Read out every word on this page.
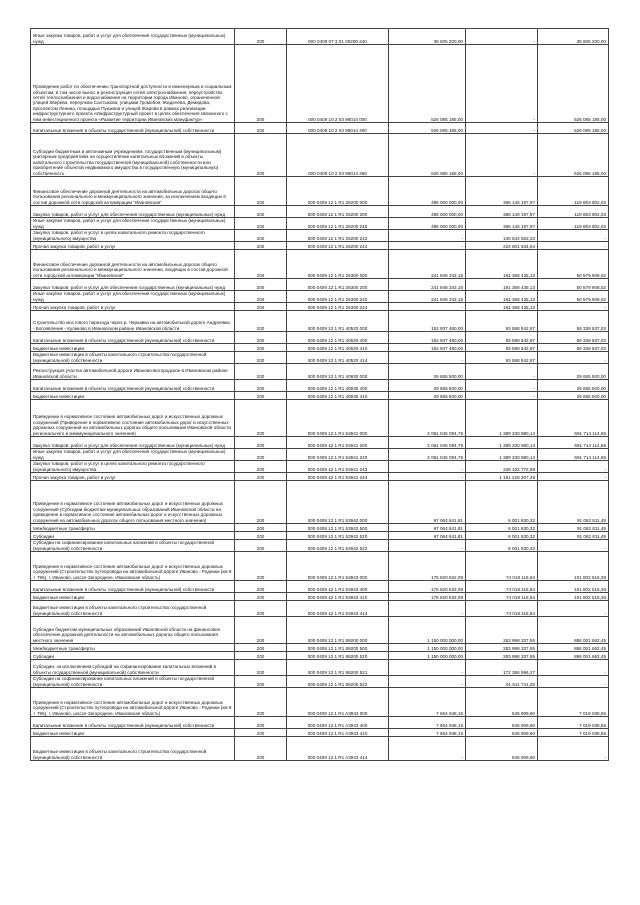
Иные закупки товаров, работ и услуг для обеспечения государственных (муниципальных) нужд	200	000 0409 07 3 01 00200 240	35 605 200,00	-	35 605 200,00
Проведение работ по обеспечению транспортной доступности и инженерным и социальным объектам, в том числе вынос и реконструкция сетей электроснабжения, переустройство сетей теплоснабжения и водоснабжения на территории города Иваново, ограниченной улицей Зверева, переулком Салтыкова, улицами Громобоя, Жиделева, Демидова, проспектом Ленина, площадью Пушкина и улицей Жарова в рамках реализации инфраструктурного проекта «Инфраструктурный проект в целях обеспечения связанного с ним инвестиционного проекта «Развитие территории Ивановских мануфактур»	200	000 0409 10 2 03 98014 000	526 085 185,00	-	526 085 185,00
Капитальные вложения в объекты государственной (муниципальной) собственности	200	000 0409 10 2 03 98014 400	526 085 185,00	-	526 085 185,00
Субсидии бюджетным и автономным учреждениям, государственным (муниципальным) унитарным предприятиям на осуществление капитальных вложений в объекты капитального строительства государственной (муниципальной) собственности или приобретение объектов недвижимого имущества в государственную (муниципальную) собственность	200	000 0409 10 2 03 98014 460	526 085 185,00	-	526 085 185,00
Финансовое обеспечение дорожной деятельности на автомобильных дорогах общего пользования регионального и межмуниципального значения, за исключением входящих в состав дорожной сети городской агломерации "Ивановская"	200	000 0409 12 1 R1 26200 000	485 000 000,00	365 146 197,97	119 853 802,03
Закупка товаров, работ и услуг для обеспечения государственных (муниципальных) нужд	200	000 0409 12 1 R1 26200 200	485 000 000,00	365 146 197,97	119 853 802,03
Иные закупки товаров, работ и услуг для обеспечения государственных (муниципальных) нужд	200	000 0409 12 1 R1 26200 240	485 000 000,00	365 146 197,97	119 853 802,03
Закупка товаров, работ и услуг в целях капитального ремонта государственного (муниципального) имущества	200	000 0409 12 1 R1 26200 243	-	140 544 563,33	-
Прочая закупка товаров, работ и услуг	200	000 0409 12 1 R1 26200 244	-	224 601 634,64	-
Финансовое обеспечение дорожной деятельности на автомобильных дорогах общего пользования регионального и межмуниципального значения, входящих в состав дорожной сети городской агломерации "Ивановская"	200	000 0409 12 1 R1 26300 000	241 948 343,15	191 368 435,13	50 579 908,02
Закупка товаров, работ и услуг для обеспечения государственных (муниципальных) нужд	200	000 0409 12 1 R1 26300 200	241 948 343,15	191 368 435,13	50 579 908,02
Иные закупки товаров, работ и услуг для обеспечения государственных (муниципальных) нужд	200	000 0409 12 1 R1 26300 240	241 948 343,15	191 368 435,13	50 579 908,02
Прочая закупка товаров, работ и услуг	200	000 0409 12 1 R1 26300 244	-	191 368 435,13	-
Строительство мостового перехода через р. Черкавка на автомобильной дороге Андреевка - Богоявление - Куликово в Ивановском районе Ивановской области	200	000 0409 12 1 R1 40520 000	152 937 480,00	93 598 942,97	59 338 537,03
Капитальные вложения в объекты государственной (муниципальной) собственности	200	000 0409 12 1 R1 40520 400	152 937 480,00	93 598 942,97	59 338 537,03
Бюджетные инвестиции	200	000 0409 12 1 R1 40520 410	152 937 480,00	93 598 942,97	59 338 537,03
Бюджетные инвестиции в объекты капитального строительства государственной (муниципальной) собственности	200	000 0409 12 1 R1 40520 414	-	93 598 942,97	-
Реконструкция участка автомобильной дороги Иваново-Богородское в Ивановском районе Ивановской области	200	000 0409 12 1 R1 40930 000	29 655 500,00	-	29 655 500,00
Капитальные вложения в объекты государственной (муниципальной) собственности	200	000 0409 12 1 R1 40930 400	29 655 500,00	-	29 655 500,00
Бюджетные инвестиции	200	000 0409 12 1 R1 40930 410	29 655 500,00	-	29 655 500,00
Приведение в нормативное состояние автомобильных дорог и искусственных дорожных сооружений (Приведение в нормативное состояние автомобильных дорог и искусственных дорожных сооружений на автомобильных дорогах общего пользования Ивановской области регионального и межмуниципального значения)	200	000 0409 12 1 R1 53941 000	2 081 045 094,79	1 389 330 980,14	691 714 114,65
Закупка товаров, работ и услуг для обеспечения государственных (муниципальных) нужд	200	000 0409 12 1 R1 53941 200	2 081 045 094,79	1 389 330 980,14	691 714 114,65
Иные закупки товаров, работ и услуг для обеспечения государственных (муниципальных) нужд	200	000 0409 12 1 R1 53941 240	2 081 045 094,79	1 389 330 980,14	691 714 114,65
Закупка товаров, работ и услуг в целях капитального ремонта государственного (муниципального) имущества	200	000 0409 12 1 R1 53941 243	-	228 102 772,89	-
Прочая закупка товаров, работ и услуг	200	000 0409 12 1 R1 53941 244	-	1 161 228 207,25	-
Приведение в нормативное состояние автомобильных дорог и искусственных дорожных сооружений (Субсидии бюджетам муниципальных образований Ивановской области на приведение в нормативное состояние автомобильных дорог и искусственных дорожных сооружений на автомобильных дорогах общего пользования местного значения)	200	000 0409 12 1 R1 53942 000	97 064 641,81	6 001 830,32	91 062 811,49
Межбюджетные трансферты	200	000 0409 12 1 R1 53942 500	97 064 641,81	6 001 830,32	91 062 811,49
Субсидии	200	000 0409 12 1 R1 53942 520	97 064 641,81	6 001 830,32	91 062 811,49
Субсидии на софинансирование капитальных вложений в объекты государственной (муниципальной) собственности	200	000 0409 12 1 R1 53942 522	-	6 001 830,32	-
Приведение в нормативное состояние автомобильных дорог и искусственных дорожных сооружений (Строительство путепровода на автомобильной дороге Иваново - Родники (км 9 + 795), г. Иваново, шоссе Загородное, Ивановская область)	200	000 0409 12 1 R1 53943 000	175 820 632,09	74 018 116,64	101 802 515,36
Капитальные вложения в объекты государственной (муниципальной) собственности	200	000 0409 12 1 R1 53943 400	175 820 632,09	74 018 116,64	101 802 515,36
Бюджетные инвестиции	200	000 0409 12 1 R1 53943 410	175 820 632,09	74 018 116,64	101 802 515,36
Бюджетные инвестиции в объекты капитального строительства государственной (муниципальной) собственности	200	000 0409 12 1 R1 53943 414	-	74 018 116,64	-
Субсидии бюджетам муниципальных образований Ивановской области на финансовое обеспечение дорожной деятельности на автомобильных дорогах общего пользования местного значения	200	000 0409 12 1 R1 89200 000	1 150 000 000,00	263 998 337,55	886 001 662,45
Межбюджетные трансферты	200	000 0409 12 1 R1 89200 500	1 150 000 000,00	263 998 337,55	886 001 662,45
Субсидии	200	000 0409 12 1 R1 89200 520	1 150 000 000,00	263 998 337,55	886 001 662,45
Субсидии, за исключением субсидий на софинансирование капитальных вложений в объекты государственной (муниципальной) собственности	200	000 0409 12 1 R1 89200 521	-	172 386 596,27	-
Субсидии на софинансирование капитальных вложений в объекты государственной (муниципальной) собственности	200	000 0409 12 1 R1 89200 522	-	91 611 741,28	-
Приведение в нормативное состояние автомобильных дорог и искусственных дорожных сооружений (Строительство путепровода на автомобильной дороге Иваново - Родники (км 9 + 795), г. Иваново, шоссе Загородное, Ивановская область)	200	000 0409 12 1 R1 A3943 000	7 664 948,15	645 909,60	7 019 038,55
Капитальные вложения в объекты государственной (муниципальной) собственности	200	000 0409 12 1 R1 A3943 400	7 664 948,15	645 909,60	7 019 038,55
Бюджетные инвестиции	200	000 0409 12 1 R1 A3943 410	7 664 948,15	645 909,60	7 019 038,55
Бюджетные инвестиции в объекты капитального строительства государственной (муниципальной) собственности	200	000 0409 12 1 R1 A3943 414	-	645 909,60	-
